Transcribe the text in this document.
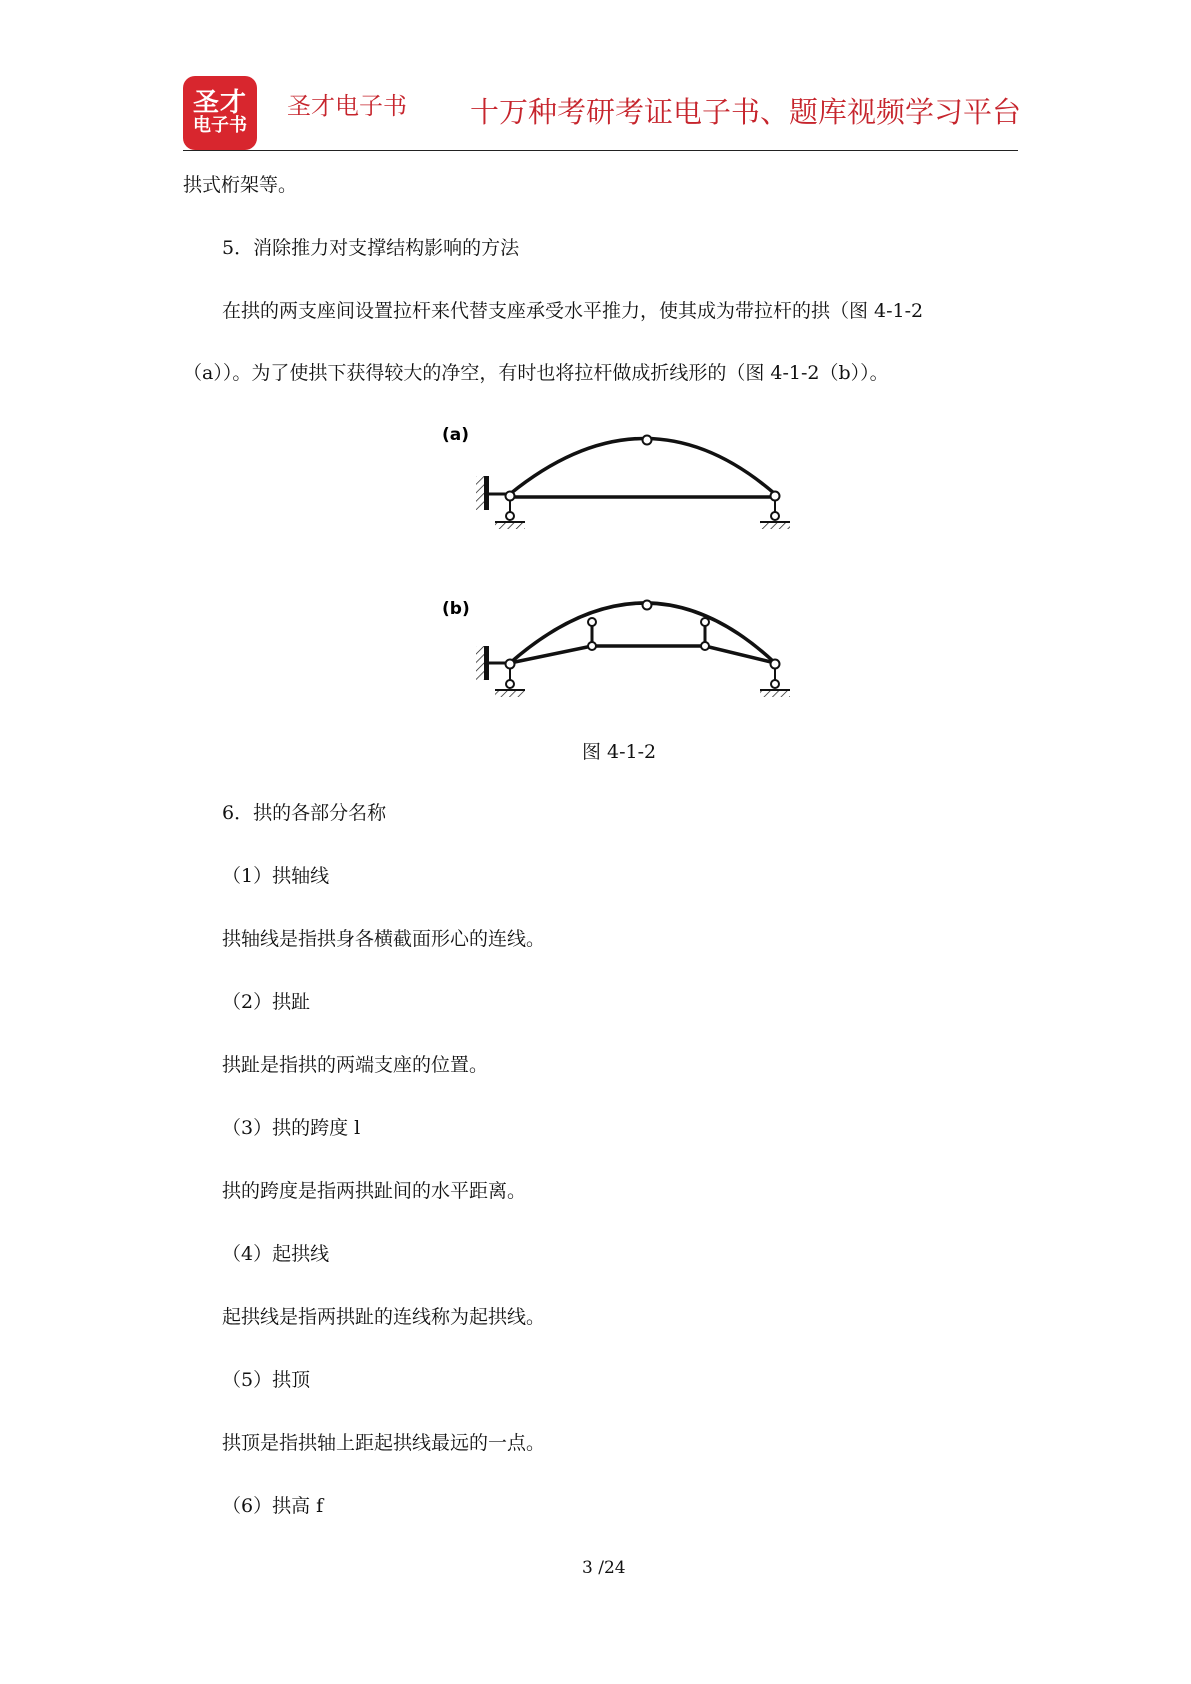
圣才
电子书
圣才电子书 十万种考研考证电子书、题库视频学习平台
拱式桁架等。
5．消除推力对支撑结构影响的方法
在拱的两支座间设置拉杆来代替支座承受水平推力，使其成为带拉杆的拱（图 4-1-2
（a））。为了使拱下获得较大的净空，有时也将拉杆做成折线形的（图 4-1-2（b））。
(a)
(b)
图 4-1-2
6．拱的各部分名称
（1）拱轴线
拱轴线是指拱身各横截面形心的连线。
（2）拱趾
拱趾是指拱的两端支座的位置。
（3）拱的跨度 l
拱的跨度是指两拱趾间的水平距离。
（4）起拱线
起拱线是指两拱趾的连线称为起拱线。
（5）拱顶
拱顶是指拱轴上距起拱线最远的一点。
（6）拱高 f
3 /24
